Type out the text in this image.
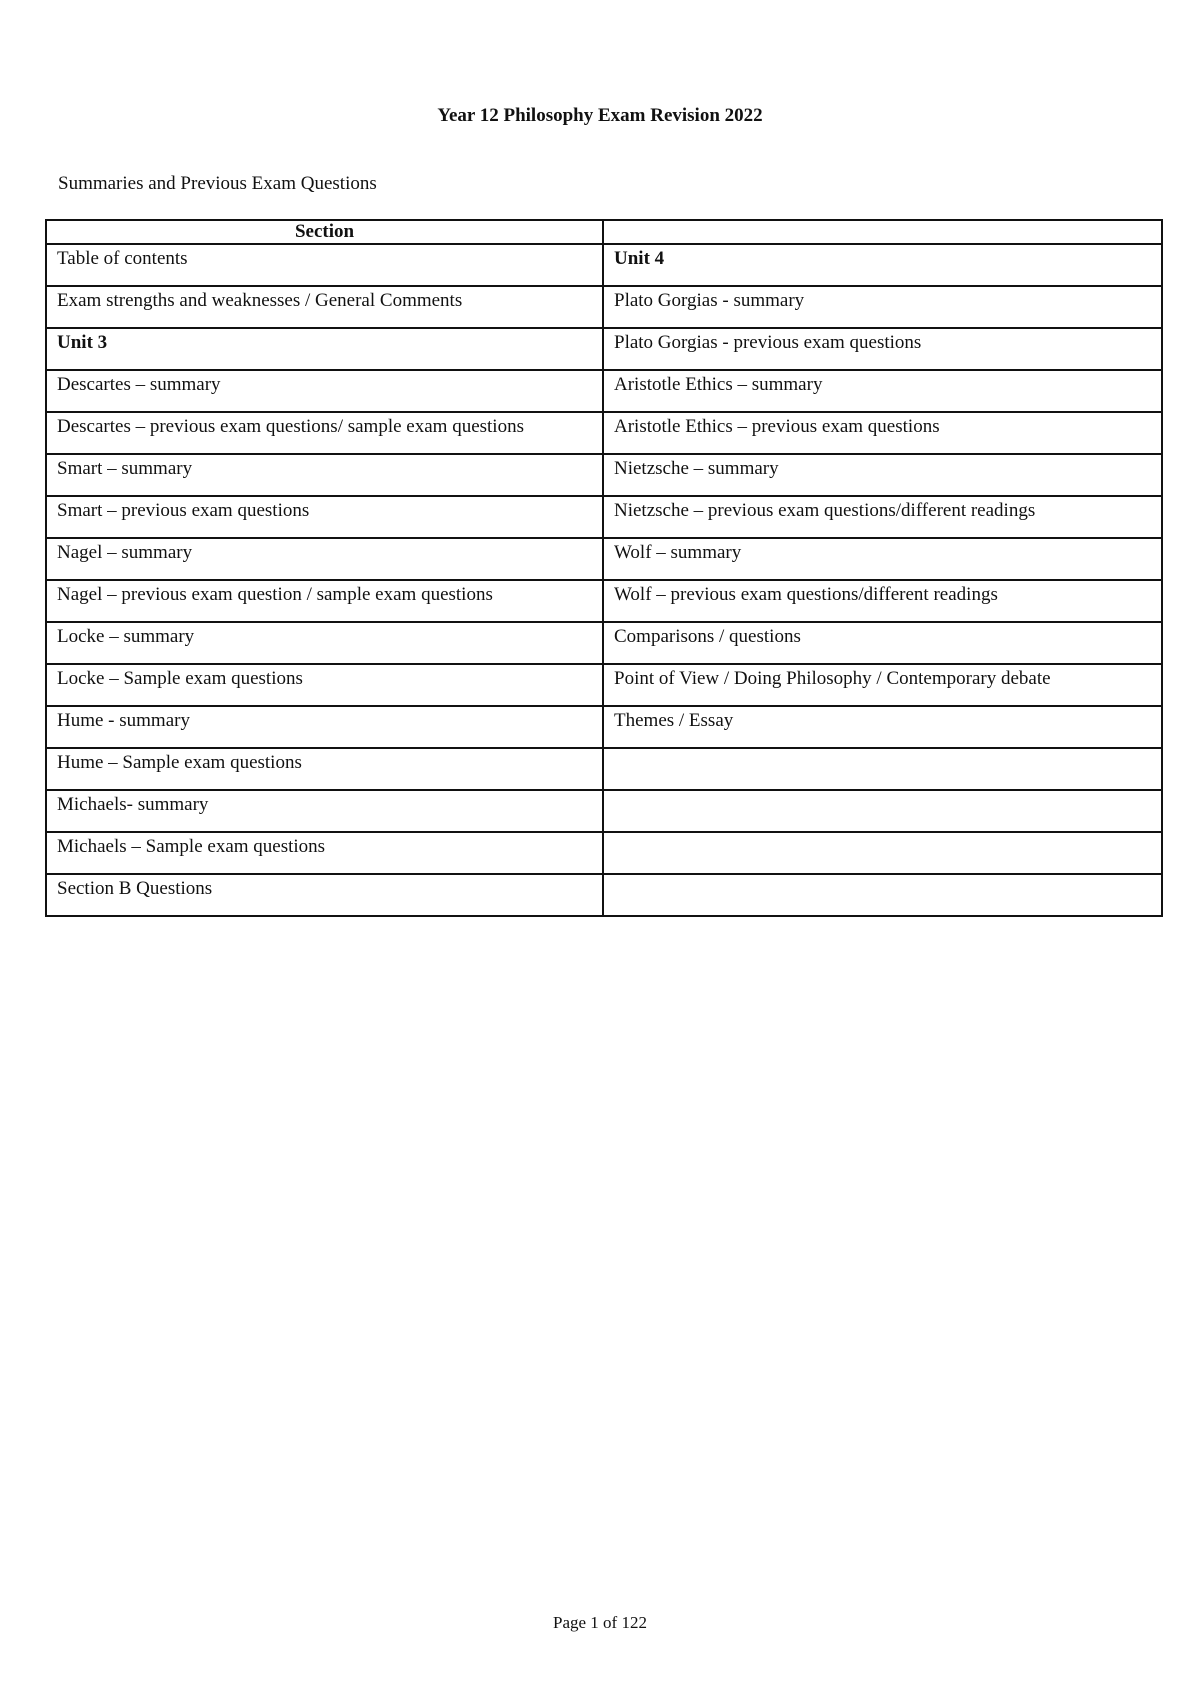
Year 12 Philosophy Exam Revision 2022
Summaries and Previous Exam Questions
Section	
Table of contents	Unit 4
Exam strengths and weaknesses / General Comments	Plato Gorgias - summary
Unit 3	Plato Gorgias - previous exam questions
Descartes – summary	Aristotle Ethics – summary
Descartes – previous exam questions/ sample exam questions	Aristotle Ethics – previous exam questions
Smart – summary	Nietzsche – summary
Smart – previous exam questions	Nietzsche – previous exam questions/different readings
Nagel – summary	Wolf – summary
Nagel – previous exam question / sample exam questions	Wolf – previous exam questions/different readings
Locke – summary	Comparisons / questions
Locke – Sample exam questions	Point of View / Doing Philosophy / Contemporary debate
Hume - summary	Themes / Essay
Hume – Sample exam questions	
Michaels- summary	
Michaels – Sample exam questions	
Section B Questions	
Page 1 of 122
